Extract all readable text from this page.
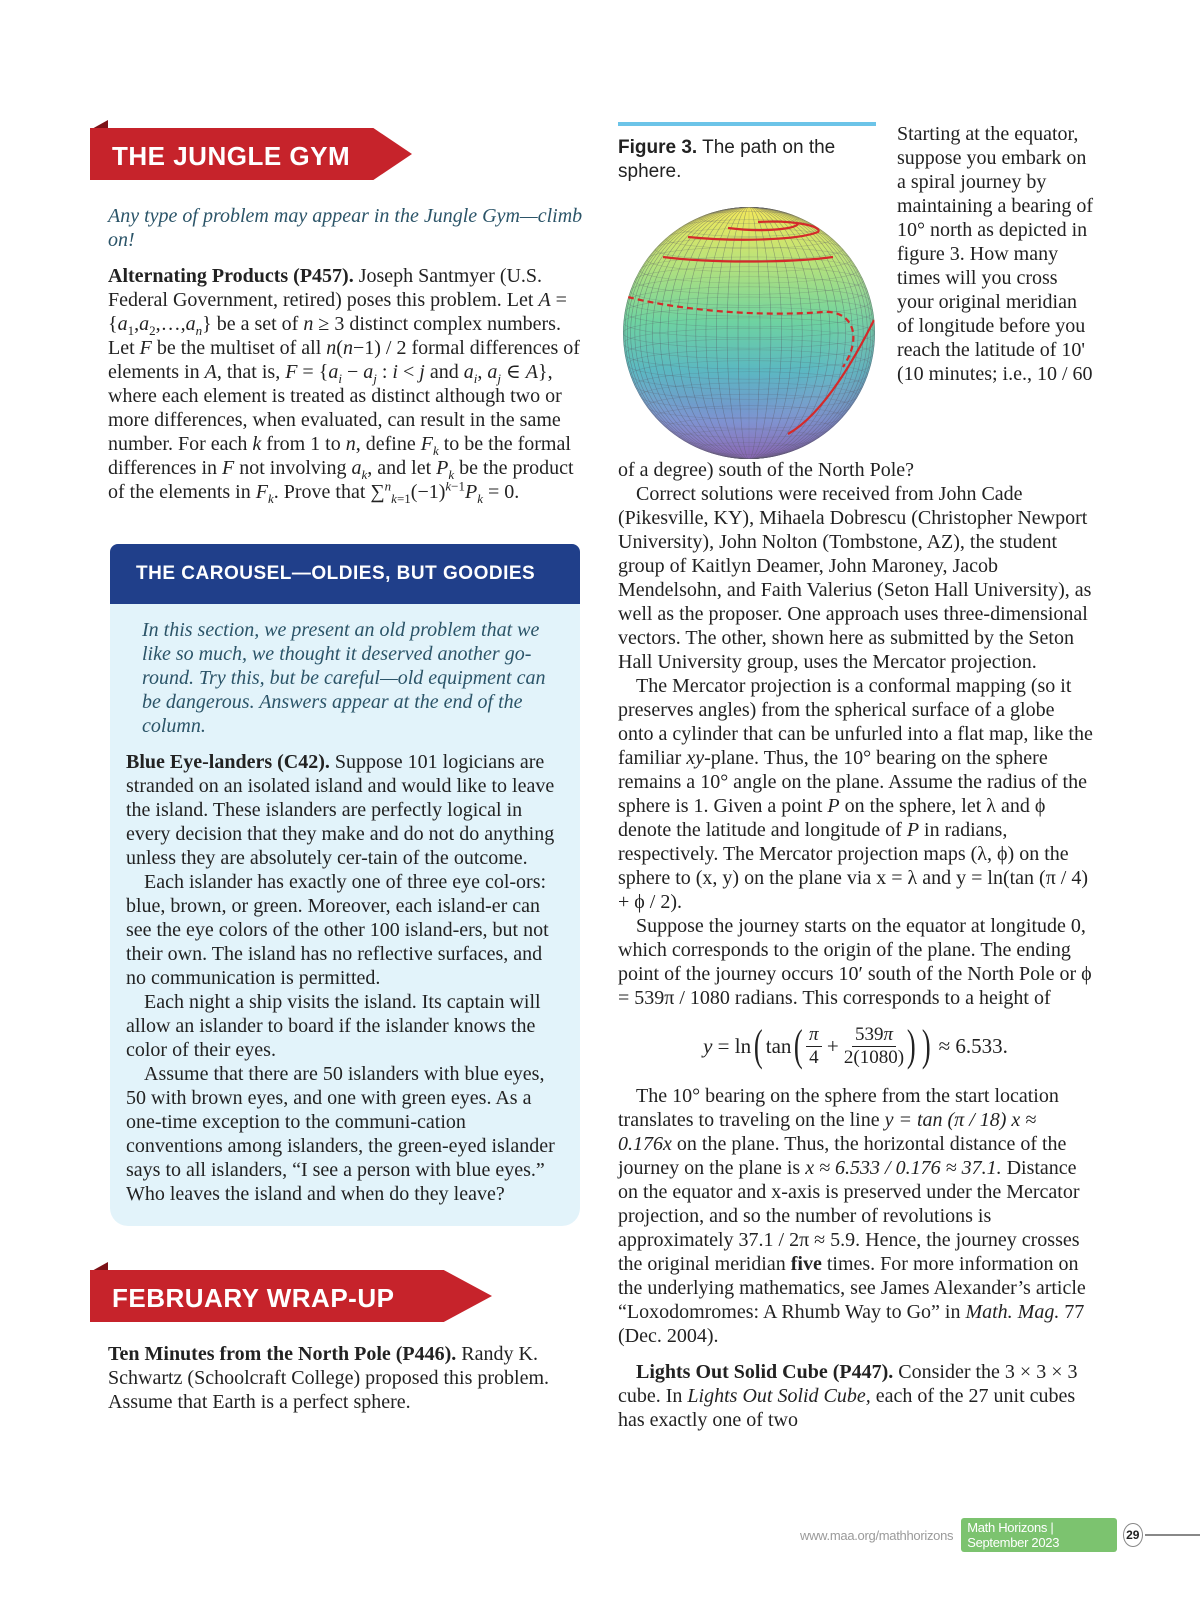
THE JUNGLE GYM
Any type of problem may appear in the Jungle Gym—climb on!

Alternating Products (P457). Joseph Santmyer (U.S. Federal Government, retired) poses this problem. Let $A = \{a_1,a_2,\dots,a_n\}$ be a set of n ≥ 3 distinct complex numbers. Let F be the multiset of all n(n−1) / 2 formal differences of elements in A, that is, $F = \{a_i - a_j$ : i < j and $a_i$, $a_j$ ∈ A}, where each element is treated as distinct although two or more differences, when evaluated, can result in the same number. For each k from 1 to n, define $F_k$ to be the formal differences in F not involving $a_k$, and let $P_k$ be the product of the elements in $F_k$. Prove that $\sum^n_{k=1}(-1)^{k-1}P_k = 0$.

THE CAROUSEL—OLDIES, BUT GOODIES
In this section, we present an old problem that we like so much, we thought it deserved another go-round. Try this, but be careful—old equipment can be dangerous. Answers appear at the end of the column.

Blue Eye-landers (C42). Suppose 101 logicians are stranded on an isolated island and would like to leave the island. These islanders are perfectly logical in every decision that they make and do not do anything unless they are absolutely cer-tain of the outcome.

Each islander has exactly one of three eye col-ors: blue, brown, or green. Moreover, each island-er can see the eye colors of the other 100 island-ers, but not their own. The island has no reflective surfaces, and no communication is permitted.

Each night a ship visits the island. Its captain will allow an islander to board if the islander knows the color of their eyes.

Assume that there are 50 islanders with blue eyes, 50 with brown eyes, and one with green eyes. As a one-time exception to the communi-cation conventions among islanders, the green-eyed islander says to all islanders, “I see a person with blue eyes.” Who leaves the island and when do they leave?

FEBRUARY WRAP-UP

Ten Minutes from the North Pole (P446). Randy K. Schwartz (Schoolcraft College) proposed this problem. Assume that Earth is a perfect sphere.

Figure 3. The path on the sphere.
Starting at the equator, suppose you embark on a spiral journey by maintaining a bearing of 10° north as depicted in figure 3. How many times will you cross your original meridian of longitude before you reach the latitude of 10' (10 minutes; i.e., 10 / 60

of a degree) south of the North Pole?

Correct solutions were received from John Cade (Pikesville, KY), Mihaela Dobrescu (Christopher Newport University), John Nolton (Tombstone, AZ), the student group of Kaitlyn Deamer, John Maroney, Jacob Mendelsohn, and Faith Valerius (Seton Hall University), as well as the proposer. One approach uses three-dimensional vectors. The other, shown here as submitted by the Seton Hall University group, uses the Mercator projection.

The Mercator projection is a conformal mapping (so it preserves angles) from the spherical surface of a globe onto a cylinder that can be unfurled into a flat map, like the familiar xy-plane. Thus, the 10° bearing on the sphere remains a 10° angle on the plane. Assume the radius of the sphere is 1. Given a point P on the sphere, let λ and ϕ denote the latitude and longitude of P in radians, respectively. The Mercator projection maps (λ, ϕ) on the sphere to (x, y) on the plane via x = λ and y = ln(tan (π / 4) + ϕ / 2).

Suppose the journey starts on the equator at longitude 0, which corresponds to the origin of the plane. The ending point of the journey occurs 10′ south of the North Pole or ϕ = 539π / 1080 radians. This corresponds to a height of

y = ln ( tan ( $\frac{\pi}{4} + \frac{539\pi}{2(1080)}$ ) ) ≈ 6.533.

The 10° bearing on the sphere from the start location translates to traveling on the line y = tan (π / 18) x ≈ 0.176x on the plane. Thus, the horizontal distance of the journey on the plane is x ≈ 6.533 / 0.176 ≈ 37.1. Distance on the equator and x-axis is preserved under the Mercator projection, and so the number of revolutions is approximately 37.1 / 2π ≈ 5.9. Hence, the journey crosses the original meridian five times. For more information on the underlying mathematics, see James Alexander’s article “Loxodomromes: A Rhumb Way to Go” in Math. Mag. 77 (Dec. 2004).

Lights Out Solid Cube (P447). Consider the 3 × 3 × 3 cube. In Lights Out Solid Cube, each of the 27 unit cubes has exactly one of two

www.maa.org/mathhorizons	Math Horizons | September 2023	29
